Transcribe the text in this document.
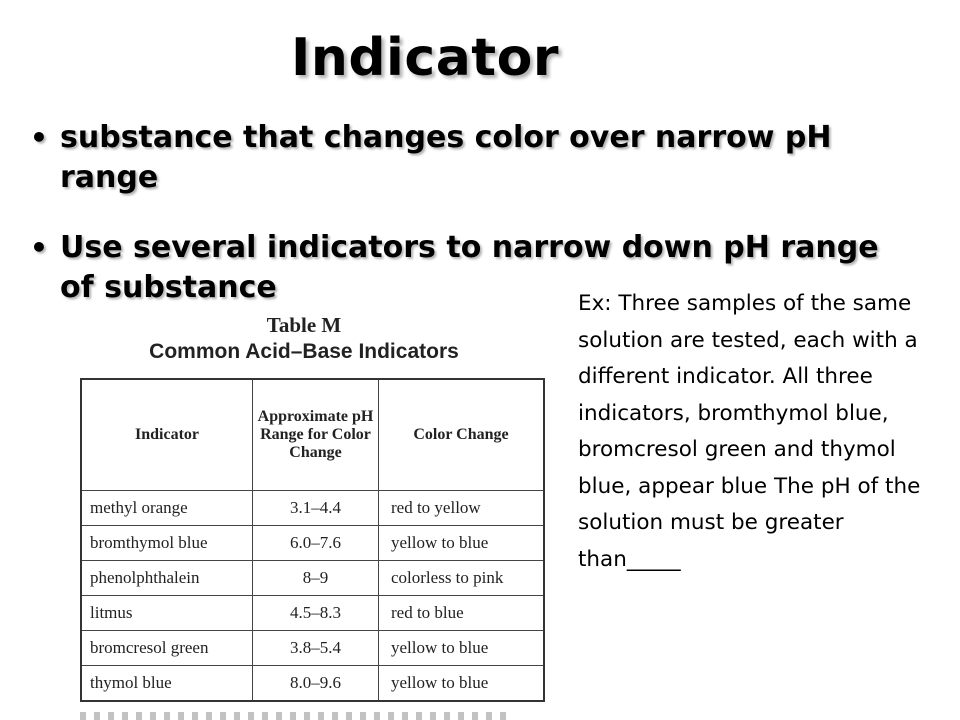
Indicator
• substance that changes color over narrow pH range
• Use several indicators to narrow down pH range of substance
Table M
Common Acid–Base Indicators
Indicator	Approximate pH Range for Color Change	Color Change
methyl orange	3.1–4.4	red to yellow
bromthymol blue	6.0–7.6	yellow to blue
phenolphthalein	8–9	colorless to pink
litmus	4.5–8.3	red to blue
bromcresol green	3.8–5.4	yellow to blue
thymol blue	8.0–9.6	yellow to blue
Ex: Three samples of the same solution are tested, each with a different indicator. All three indicators, bromthymol blue, bromcresol green and thymol blue, appear blue The pH of the solution must be greater than_____
